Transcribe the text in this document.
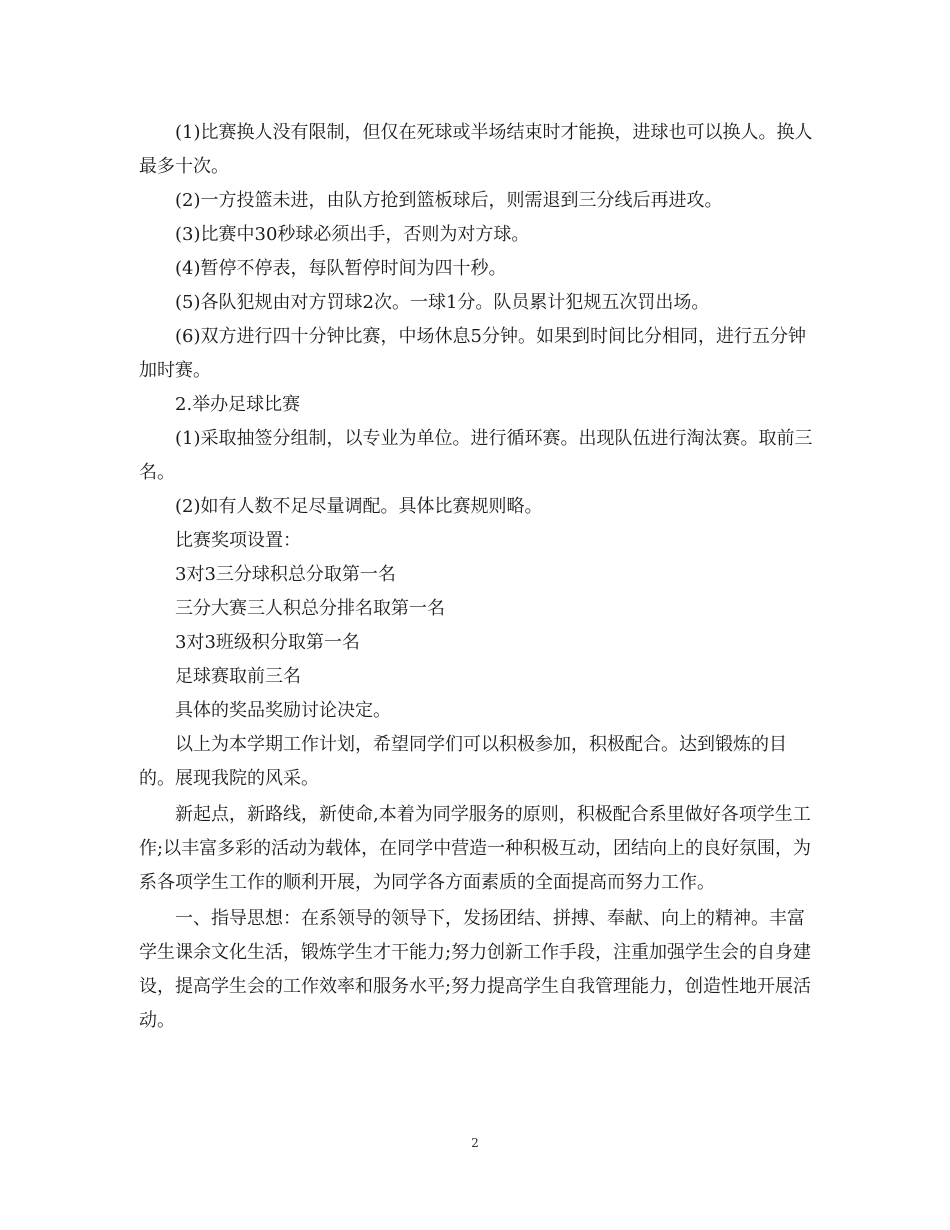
(1)比赛换人没有限制，但仅在死球或半场结束时才能换，进球也可以换人。换人最多十次。

(2)一方投篮未进，由队方抢到篮板球后，则需退到三分线后再进攻。

(3)比赛中30秒球必须出手，否则为对方球。

(4)暂停不停表，每队暂停时间为四十秒。

(5)各队犯规由对方罚球2次。一球1分。队员累计犯规五次罚出场。

(6)双方进行四十分钟比赛，中场休息5分钟。如果到时间比分相同，进行五分钟加时赛。

2.举办足球比赛

(1)采取抽签分组制，以专业为单位。进行循环赛。出现队伍进行淘汰赛。取前三名。

(2)如有人数不足尽量调配。具体比赛规则略。

比赛奖项设置：

3对3三分球积总分取第一名

三分大赛三人积总分排名取第一名

3对3班级积分取第一名

足球赛取前三名

具体的奖品奖励讨论决定。

以上为本学期工作计划，希望同学们可以积极参加，积极配合。达到锻炼的目的。展现我院的风采。

新起点，新路线，新使命,本着为同学服务的原则，积极配合系里做好各项学生工作;以丰富多彩的活动为载体，在同学中营造一种积极互动，团结向上的良好氛围，为系各项学生工作的顺利开展，为同学各方面素质的全面提高而努力工作。

一、指导思想：在系领导的领导下，发扬团结、拼搏、奉献、向上的精神。丰富学生课余文化生活，锻炼学生才干能力;努力创新工作手段，注重加强学生会的自身建设，提高学生会的工作效率和服务水平;努力提高学生自我管理能力，创造性地开展活动。

2
